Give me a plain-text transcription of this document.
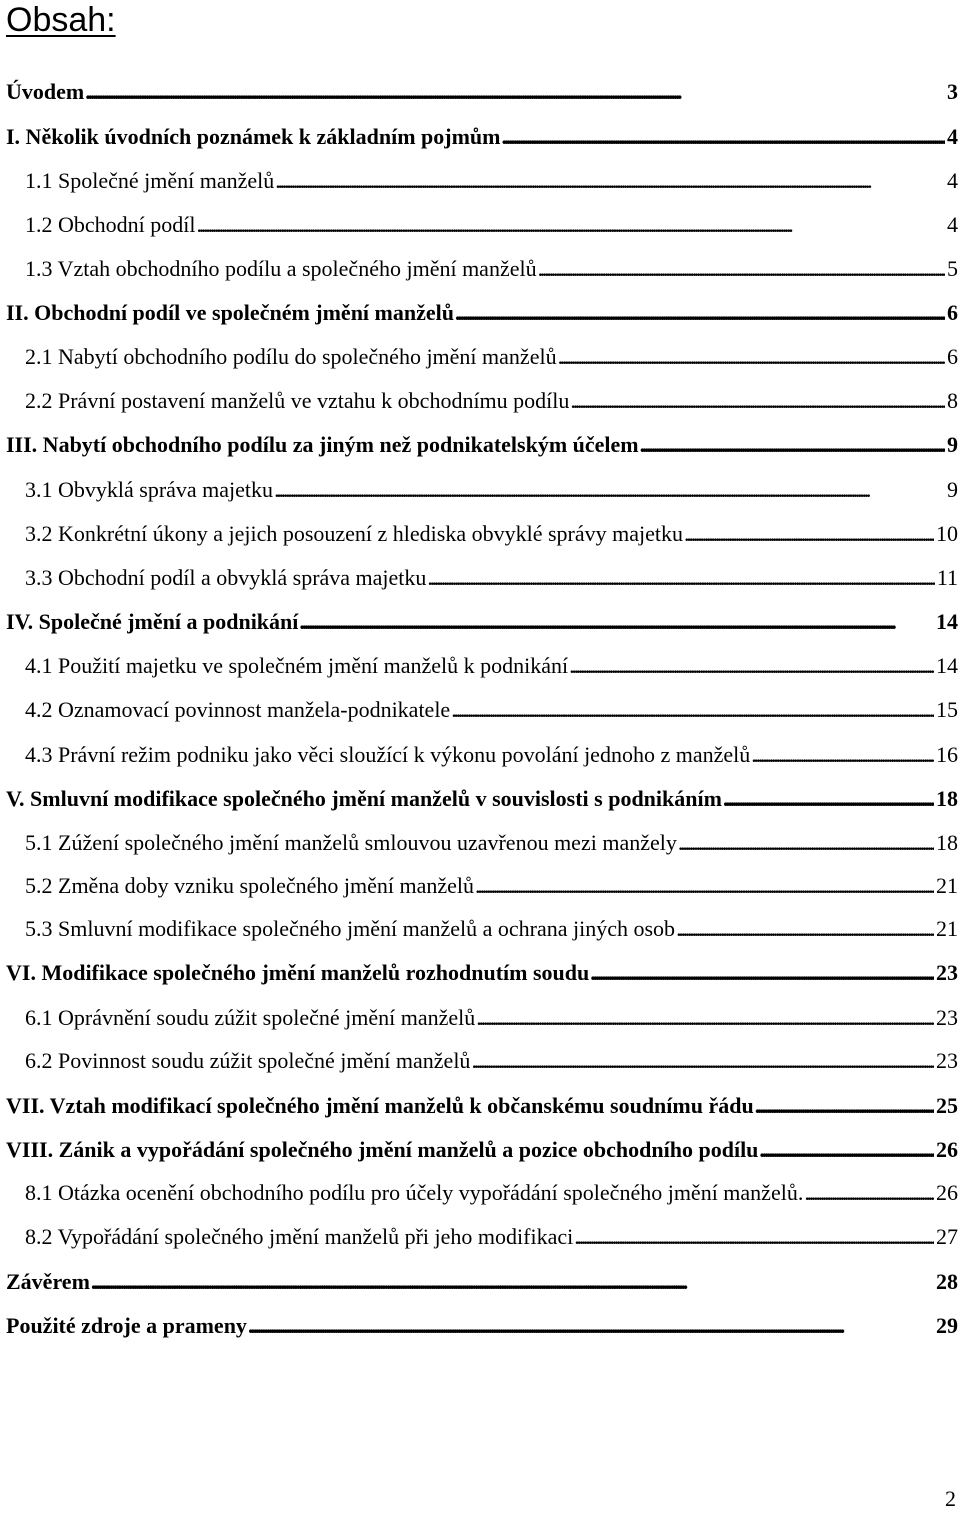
Obsah:
Úvodem . . .	3
I. Několik úvodních poznámek k základním pojmům . . .	4
1.1 Společné jmění manželů . . .	4
1.2 Obchodní podíl . . .	4
1.3 Vztah obchodního podílu a společného jmění manželů . . .	5
II. Obchodní podíl ve společném jmění manželů . . .	6
2.1 Nabytí obchodního podílu do společného jmění manželů . . .	6
2.2 Právní postavení manželů ve vztahu k obchodnímu podílu . . .	8
III. Nabytí obchodního podílu za jiným než podnikatelským účelem . . .	9
3.1 Obvyklá správa majetku . . .	9
3.2 Konkrétní úkony a jejich posouzení z hlediska obvyklé správy majetku . . .	10
3.3 Obchodní podíl a obvyklá správa majetku . . .	11
IV. Společné jmění a podnikání . . .	14
4.1 Použití majetku ve společném jmění manželů k podnikání . . .	14
4.2 Oznamovací povinnost manžela-podnikatele . . .	15
4.3 Právní režim podniku jako věci sloužící k výkonu povolání jednoho z manželů . . .	16
V. Smluvní modifikace společného jmění manželů v souvislosti s podnikáním . . .	18
5.1 Zúžení společného jmění manželů smlouvou uzavřenou mezi manžely . . .	18
5.2 Změna doby vzniku společného jmění manželů . . .	21
5.3 Smluvní modifikace společného jmění manželů a ochrana jiných osob . . .	21
VI. Modifikace společného jmění manželů rozhodnutím soudu . . .	23
6.1 Oprávnění soudu zúžit společné jmění manželů . . .	23
6.2 Povinnost soudu zúžit společné jmění manželů . . .	23
VII. Vztah modifikací společného jmění manželů k občanskému soudnímu řádu . . .	25
VIII. Zánik a vypořádání společného jmění manželů a pozice obchodního podílu . . .	26
8.1 Otázka ocenění obchodního podílu pro účely vypořádání společného jmění manželů. . . .	26
8.2 Vypořádání společného jmění manželů při jeho modifikaci . . .	27
Závěrem . . .	28
Použité zdroje a prameny . . .	29
2
